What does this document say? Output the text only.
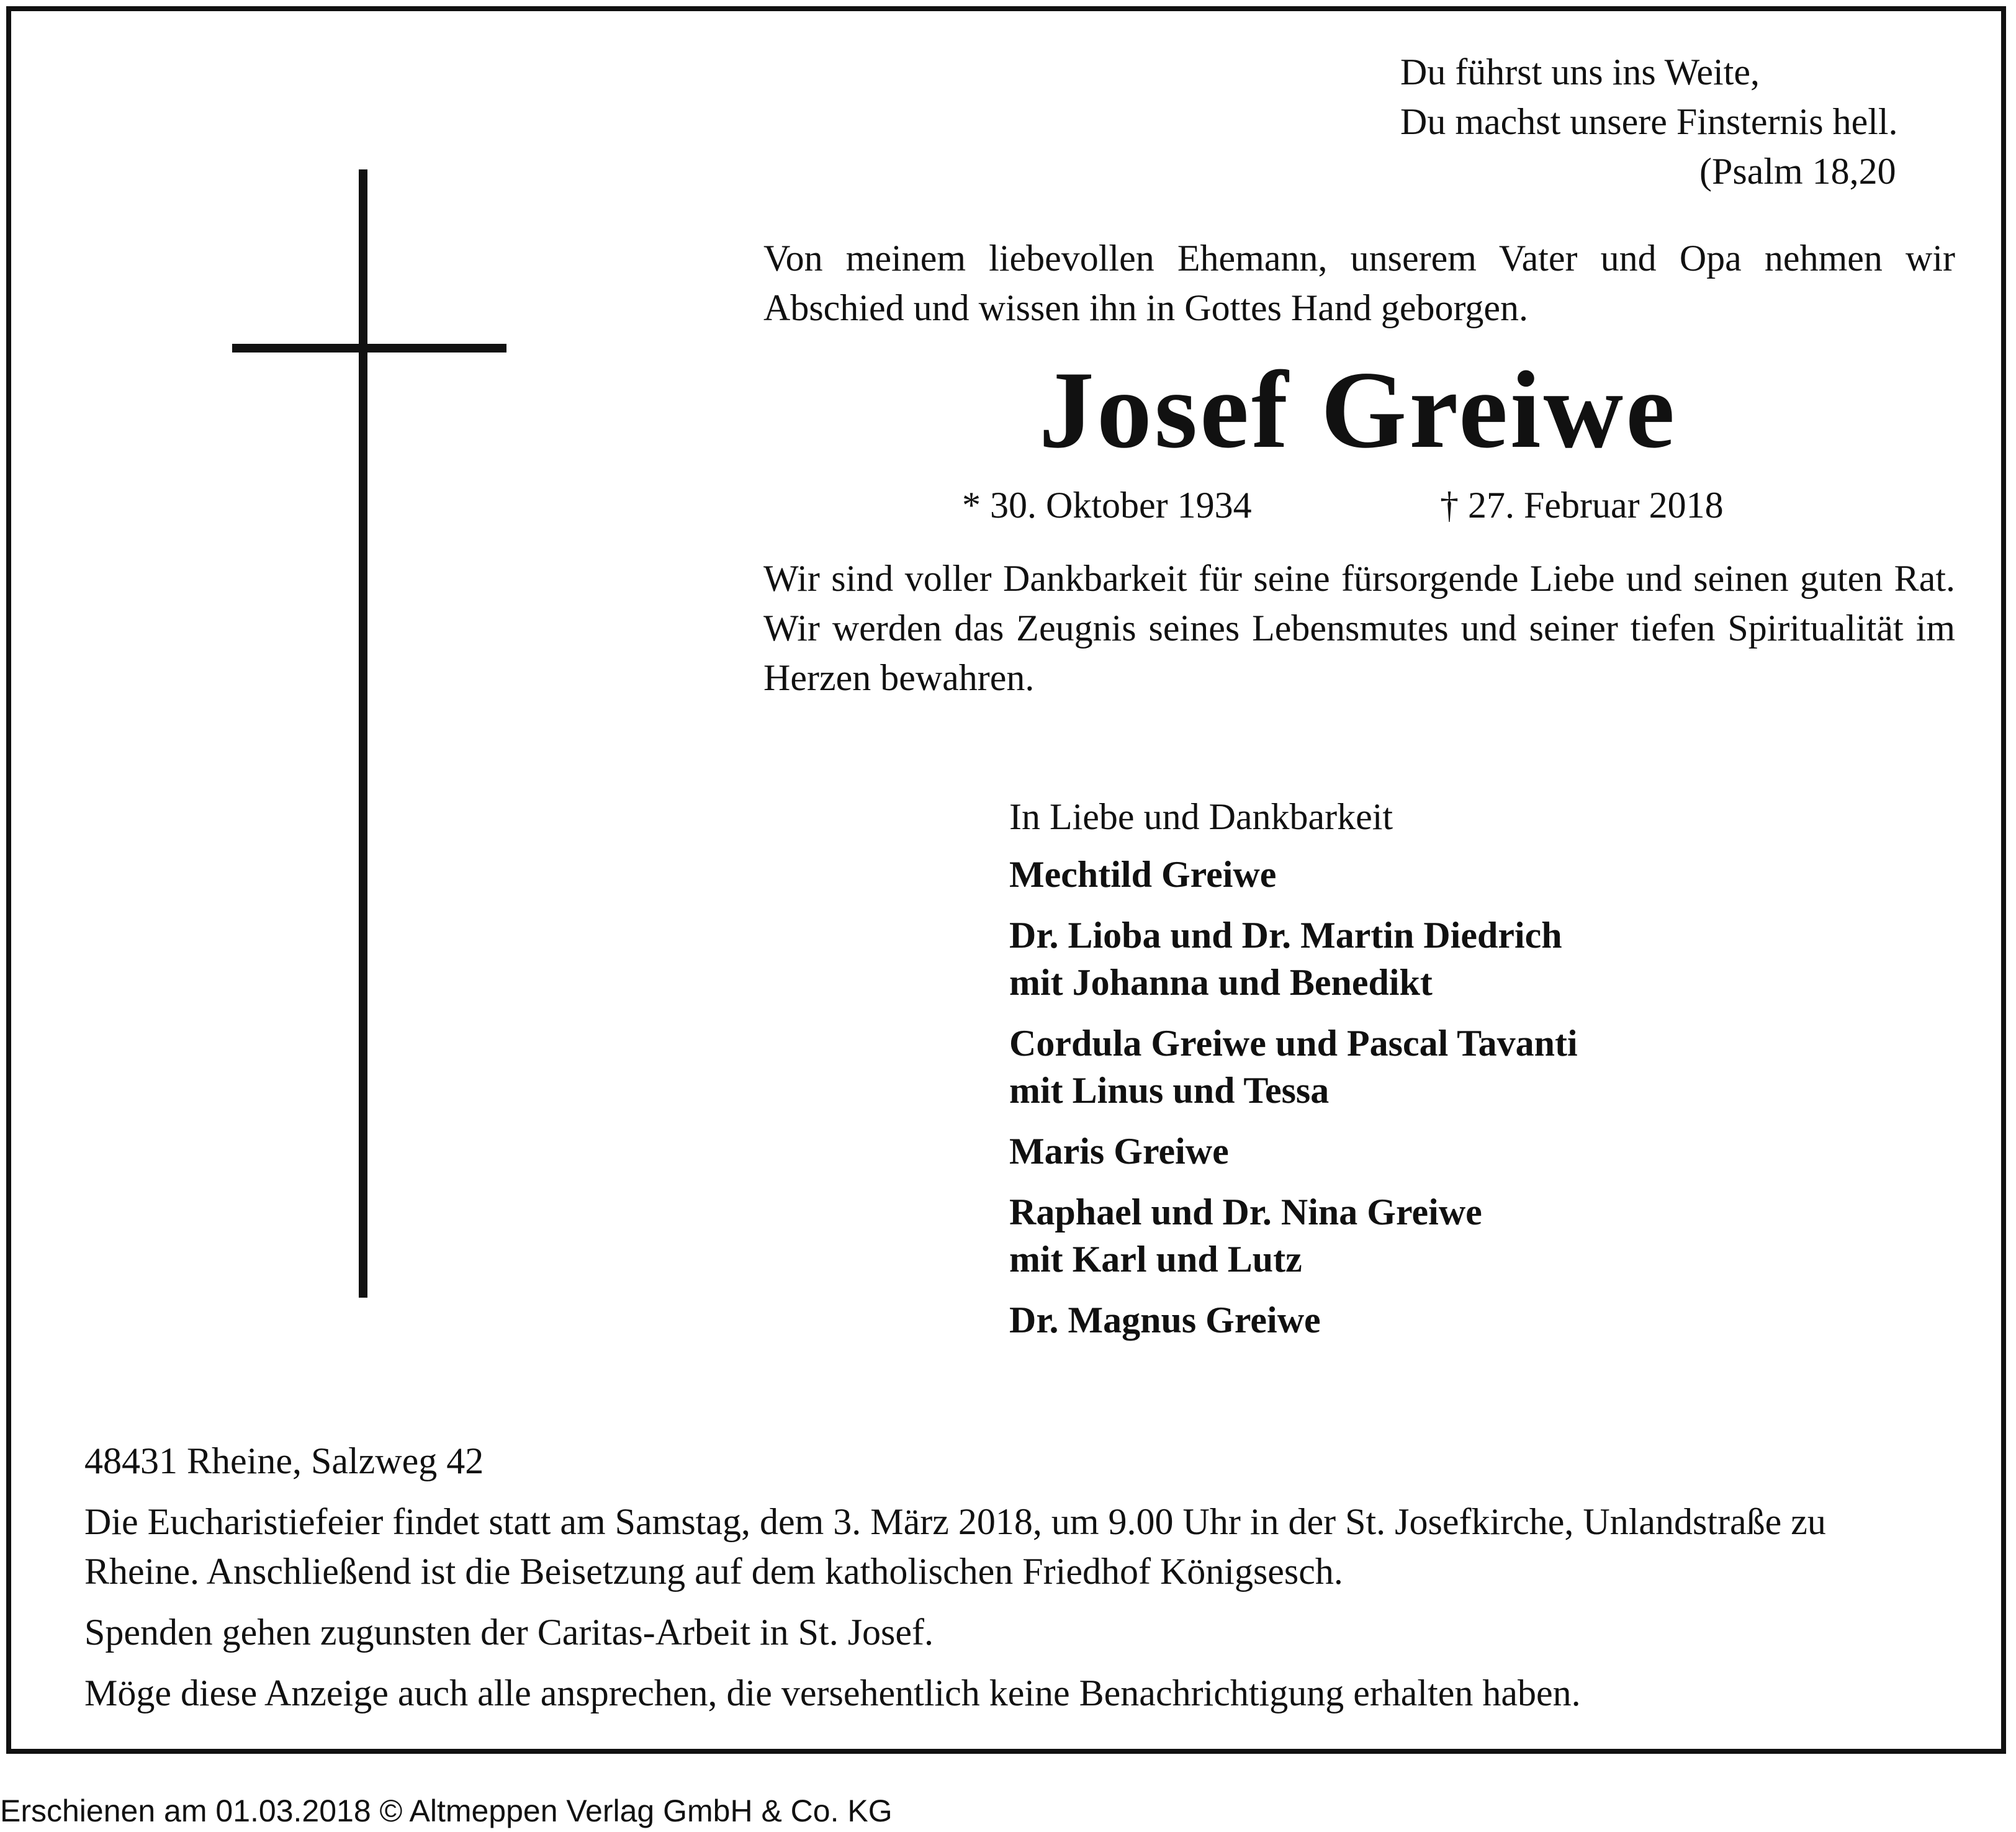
Du führst uns ins Weite,
Du machst unsere Finsternis hell.
(Psalm 18,20
Von meinem liebevollen Ehemann, unserem Vater und Opa nehmen wir Abschied und wissen ihn in Gottes Hand geborgen.
Josef Greiwe
* 30. Oktober 1934	† 27. Februar 2018
Wir sind voller Dankbarkeit für seine fürsorgende Liebe und seinen guten Rat. Wir werden das Zeugnis seines Lebensmutes und seiner tiefen Spiritualität im Herzen bewahren.
In Liebe und Dankbarkeit
Mechtild Greiwe
Dr. Lioba und Dr. Martin Diedrich
mit Johanna und Benedikt
Cordula Greiwe und Pascal Tavanti
mit Linus und Tessa
Maris Greiwe
Raphael und Dr. Nina Greiwe
mit Karl und Lutz
Dr. Magnus Greiwe

48431 Rheine, Salzweg 42

Die Eucharistiefeier findet statt am Samstag, dem 3. März 2018, um 9.00 Uhr in der St. Josefkirche, Unlandstraße zu Rheine. Anschließend ist die Beisetzung auf dem katholischen Friedhof Königsesch.

Spenden gehen zugunsten der Caritas-Arbeit in St. Josef.

Möge diese Anzeige auch alle ansprechen, die versehentlich keine Benachrichtigung erhalten haben.

Erschienen am 01.03.2018 © Altmeppen Verlag GmbH & Co. KG
